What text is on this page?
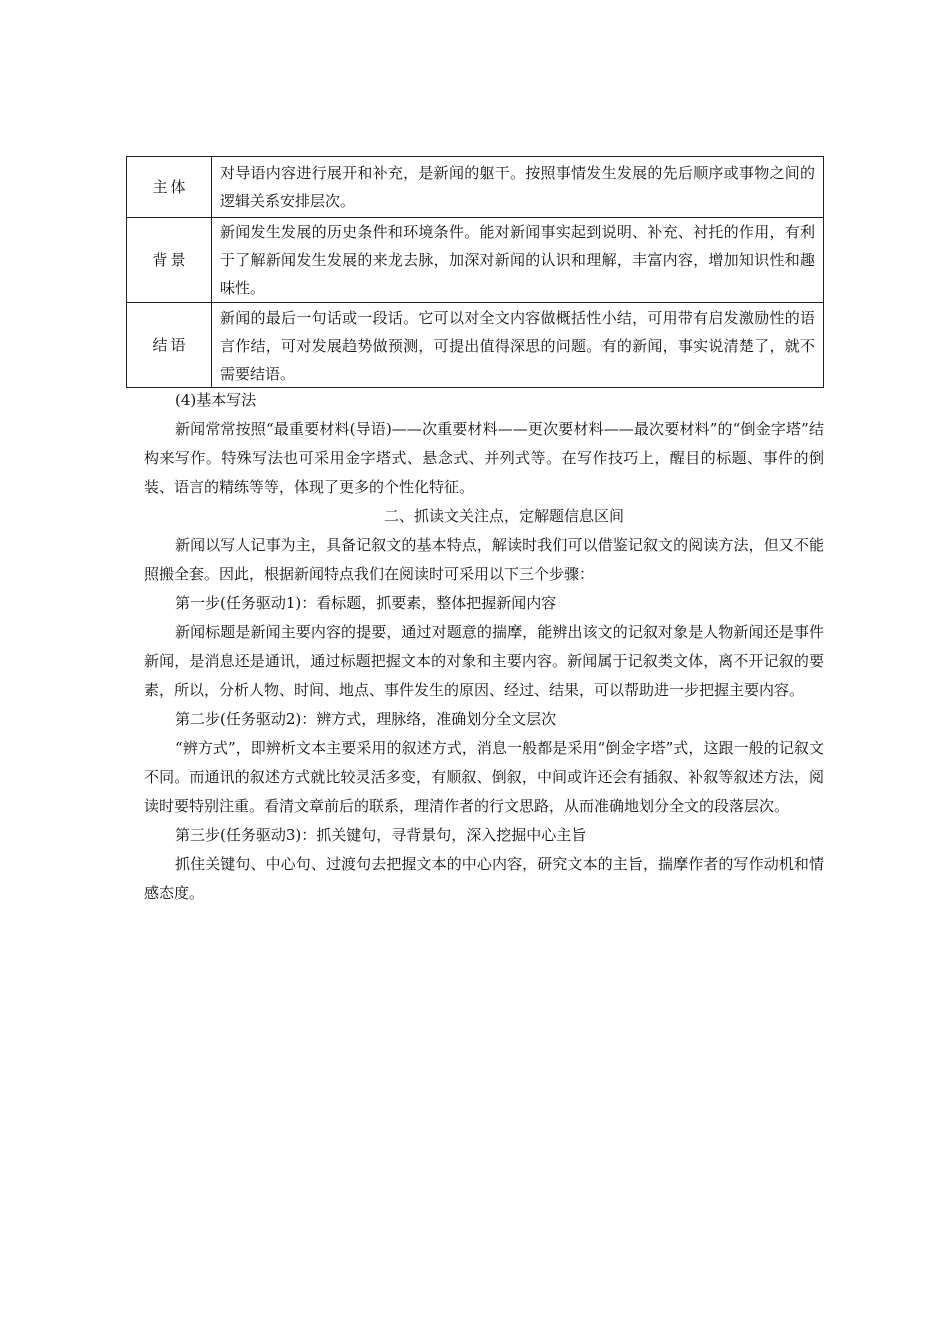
主 体
对导语内容进行展开和补充，是新闻的躯干。按照事情发生发展的先后顺序或事物之间的逻辑关系安排层次。
背 景
新闻发生发展的历史条件和环境条件。能对新闻事实起到说明、补充、衬托的作用，有利于了解新闻发生发展的来龙去脉，加深对新闻的认识和理解，丰富内容，增加知识性和趣味性。
结 语
新闻的最后一句话或一段话。它可以对全文内容做概括性小结，可用带有启发激励性的语言作结，可对发展趋势做预测，可提出值得深思的问题。有的新闻，事实说清楚了，就不需要结语。

(4)基本写法

新闻常常按照“最重要材料(导语)——次重要材料——更次要材料——最次要材料”的“倒金字塔”结构来写作。特殊写法也可采用金字塔式、悬念式、并列式等。在写作技巧上，醒目的标题、事件的倒装、语言的精练等等，体现了更多的个性化特征。

二、抓读文关注点，定解题信息区间

新闻以写人记事为主，具备记叙文的基本特点，解读时我们可以借鉴记叙文的阅读方法，但又不能照搬全套。因此，根据新闻特点我们在阅读时可采用以下三个步骤：

第一步(任务驱动1)：看标题，抓要素，整体把握新闻内容

新闻标题是新闻主要内容的提要，通过对题意的揣摩，能辨出该文的记叙对象是人物新闻还是事件新闻，是消息还是通讯，通过标题把握文本的对象和主要内容。新闻属于记叙类文体，离不开记叙的要素，所以，分析人物、时间、地点、事件发生的原因、经过、结果，可以帮助进一步把握主要内容。

第二步(任务驱动2)：辨方式，理脉络，准确划分全文层次

“辨方式”，即辨析文本主要采用的叙述方式，消息一般都是采用“倒金字塔”式，这跟一般的记叙文不同。而通讯的叙述方式就比较灵活多变，有顺叙、倒叙，中间或许还会有插叙、补叙等叙述方法，阅读时要特别注重。看清文章前后的联系，理清作者的行文思路，从而准确地划分全文的段落层次。

第三步(任务驱动3)：抓关键句，寻背景句，深入挖掘中心主旨

抓住关键句、中心句、过渡句去把握文本的中心内容，研究文本的主旨，揣摩作者的写作动机和情感态度。
